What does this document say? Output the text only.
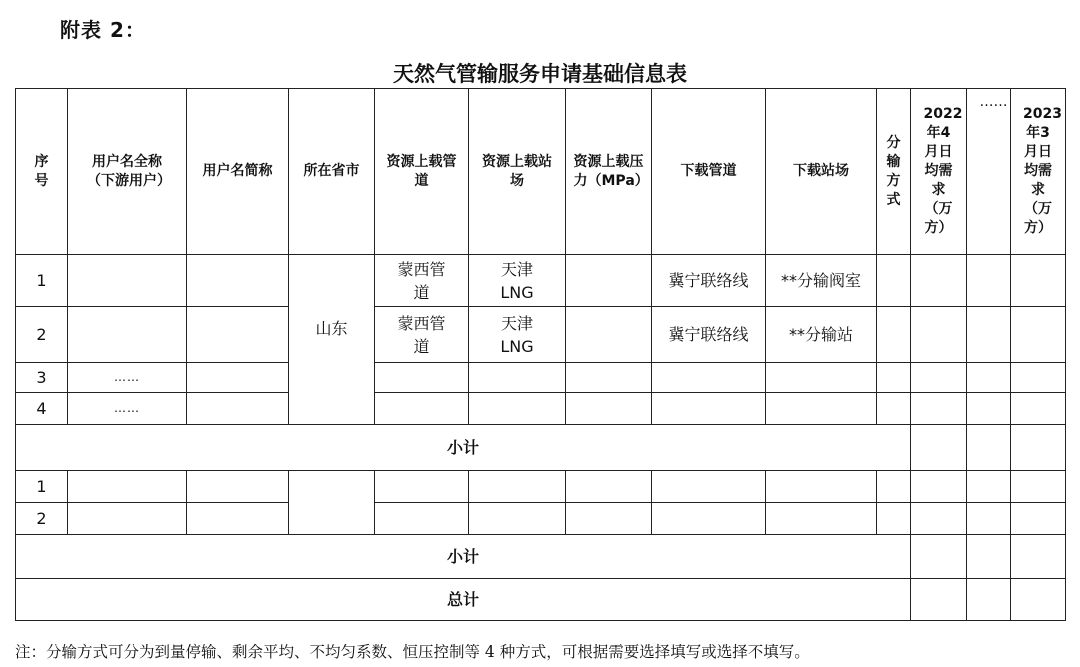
附表 2：
天然气管输服务申请基础信息表
序号	用户名全称（下游用户）	用户名简称	所在省市	资源上载管道	资源上载站场	资源上载压力（MPa）	下载管道	下载站场	分输方式	2022年4月日均需求（万方）	……	2023年3月日均需求（万方）

1			山东	蒙西管道	天津LNG		冀宁联络线	**分输阀室				
2				蒙西管道	天津LNG		冀宁联络线	**分输站				
3	……											
4	……											
小计												
1												
2												
小计												
总计												
注：分输方式可分为到量停输、剩余平均、不均匀系数、恒压控制等 4 种方式，可根据需要选择填写或选择不填写。
